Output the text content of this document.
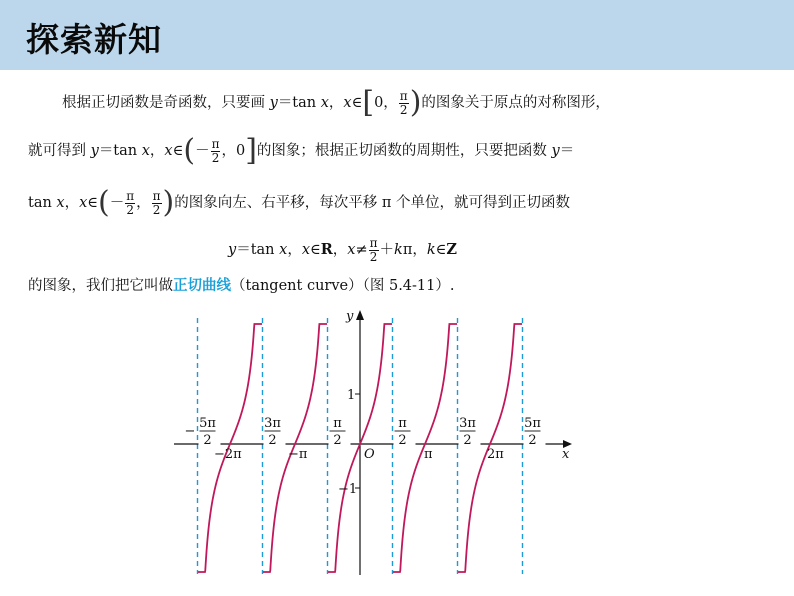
探索新知
根据正切函数是奇函数，只要画 y＝tan x，x∈[0， $\frac{\pi}{2}$ )的图象关于原点的对称图形，
就可得到 y＝tan x，x∈(－ $\frac{\pi}{2}$ ，0]的图象；根据正切函数的周期性，只要把函数 y＝
tan x，x∈(－ $\frac{\pi}{2}$ ， $\frac{\pi}{2}$ )的图象向左、右平移，每次平移 π 个单位，就可得到正切函数
y＝tan x，x∈R，$x\ne \frac{\pi}{2} +k\pi$，k∈Z
的图象，我们把它叫做正切曲线（tangent curve）（图 5.4-11）.
y
x
O
1
−1
−2π	−π	π	2π
−
5π
2
3π
2
π
2
π
2
3π
2
5π
2
